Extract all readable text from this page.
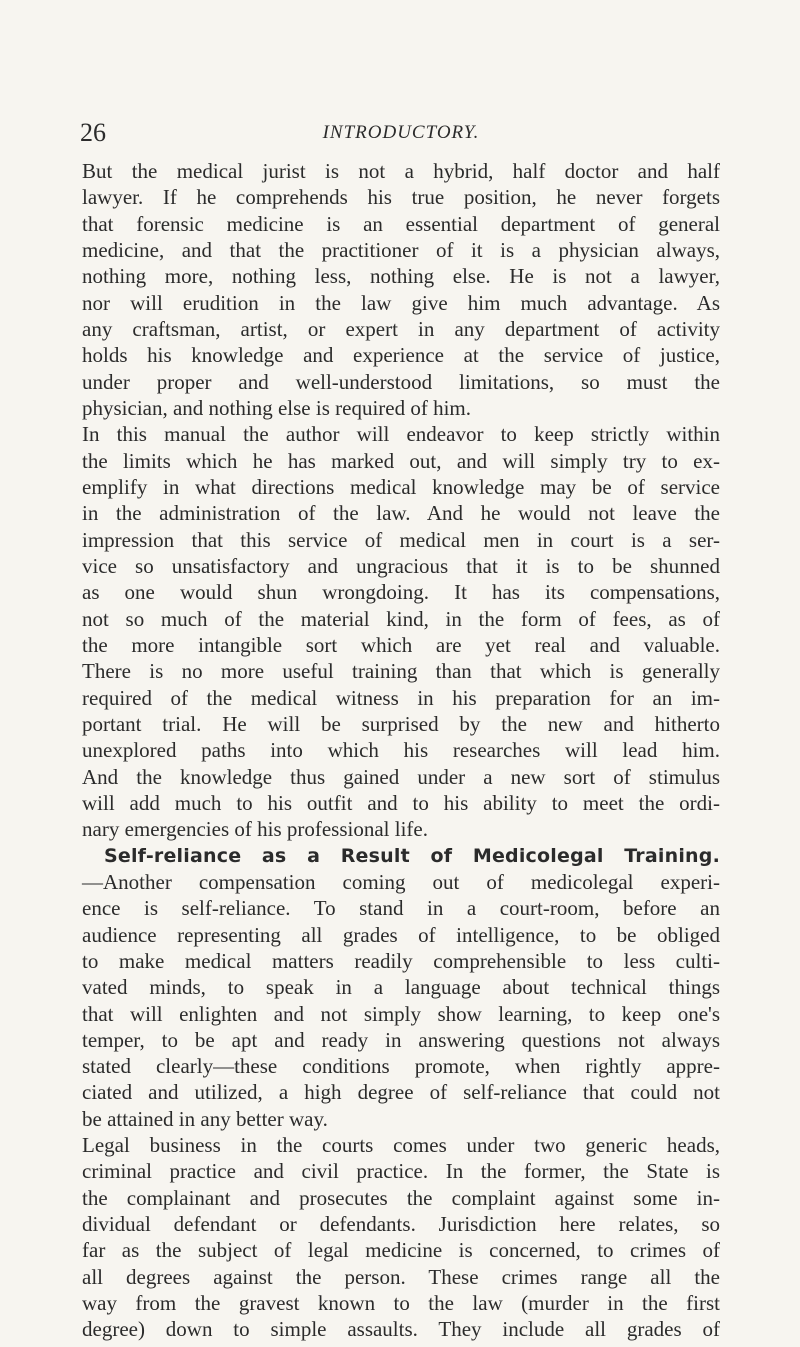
26	INTRODUCTORY.
But the medical jurist is not a hybrid, half doctor and half
lawyer. If he comprehends his true position, he never forgets
that forensic medicine is an essential department of general
medicine, and that the practitioner of it is a physician always,
nothing more, nothing less, nothing else. He is not a lawyer,
nor will erudition in the law give him much advantage. As
any craftsman, artist, or expert in any department of activity
holds his knowledge and experience at the service of justice,
under proper and well-understood limitations, so must the
physician, and nothing else is required of him.
In this manual the author will endeavor to keep strictly within
the limits which he has marked out, and will simply try to ex-
emplify in what directions medical knowledge may be of service
in the administration of the law. And he would not leave the
impression that this service of medical men in court is a ser-
vice so unsatisfactory and ungracious that it is to be shunned
as one would shun wrongdoing. It has its compensations,
not so much of the material kind, in the form of fees, as of
the more intangible sort which are yet real and valuable.
There is no more useful training than that which is generally
required of the medical witness in his preparation for an im-
portant trial. He will be surprised by the new and hitherto
unexplored paths into which his researches will lead him.
And the knowledge thus gained under a new sort of stimulus
will add much to his outfit and to his ability to meet the ordi-
nary emergencies of his professional life.
Self-reliance as a Result of Medicolegal Training.
—Another compensation coming out of medicolegal experi-
ence is self-reliance. To stand in a court-room, before an
audience representing all grades of intelligence, to be obliged
to make medical matters readily comprehensible to less culti-
vated minds, to speak in a language about technical things
that will enlighten and not simply show learning, to keep one's
temper, to be apt and ready in answering questions not always
stated clearly—these conditions promote, when rightly appre-
ciated and utilized, a high degree of self-reliance that could not
be attained in any better way.
Legal business in the courts comes under two generic heads,
criminal practice and civil practice. In the former, the State is
the complainant and prosecutes the complaint against some in-
dividual defendant or defendants. Jurisdiction here relates, so
far as the subject of legal medicine is concerned, to crimes of
all degrees against the person. These crimes range all the
way from the gravest known to the law (murder in the first
degree) down to simple assaults. They include all grades of
